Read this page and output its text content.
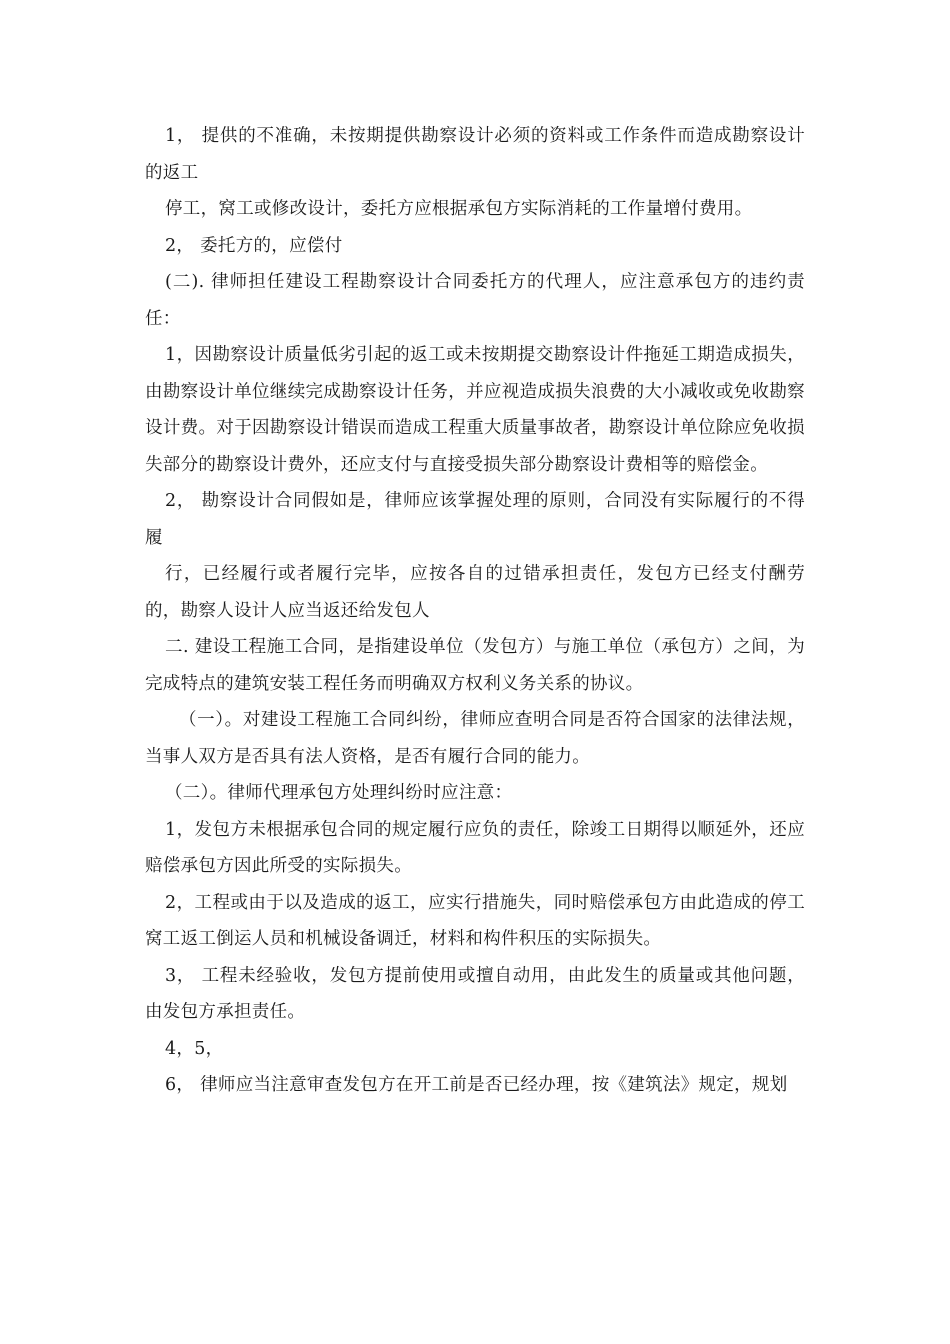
1， 提供的不准确，未按期提供勘察设计必须的资料或工作条件而造成勘察设计的返工

停工，窝工或修改设计，委托方应根据承包方实际消耗的工作量增付费用。

2， 委托方的，应偿付

(二). 律师担任建设工程勘察设计合同委托方的代理人，应注意承包方的违约责任：

1，因勘察设计质量低劣引起的返工或未按期提交勘察设计件拖延工期造成损失，由勘察设计单位继续完成勘察设计任务，并应视造成损失浪费的大小减收或免收勘察设计费。对于因勘察设计错误而造成工程重大质量事故者，勘察设计单位除应免收损失部分的勘察设计费外，还应支付与直接受损失部分勘察设计费相等的赔偿金。

2， 勘察设计合同假如是，律师应该掌握处理的原则，合同没有实际履行的不得履

行，已经履行或者履行完毕，应按各自的过错承担责任，发包方已经支付酬劳的，勘察人设计人应当返还给发包人

二. 建设工程施工合同，是指建设单位（发包方）与施工单位（承包方）之间，为完成特点的建筑安装工程任务而明确双方权利义务关系的协议。

（一）。对建设工程施工合同纠纷，律师应查明合同是否符合国家的法律法规，当事人双方是否具有法人资格，是否有履行合同的能力。

（二）。律师代理承包方处理纠纷时应注意：

1，发包方未根据承包合同的规定履行应负的责任，除竣工日期得以顺延外，还应赔偿承包方因此所受的实际损失。

2，工程或由于以及造成的返工，应实行措施失，同时赔偿承包方由此造成的停工窝工返工倒运人员和机械设备调迁，材料和构件积压的实际损失。

3， 工程未经验收，发包方提前使用或擅自动用，由此发生的质量或其他问题，由发包方承担责任。

4，5，

6， 律师应当注意审查发包方在开工前是否已经办理，按《建筑法》规定，规划
